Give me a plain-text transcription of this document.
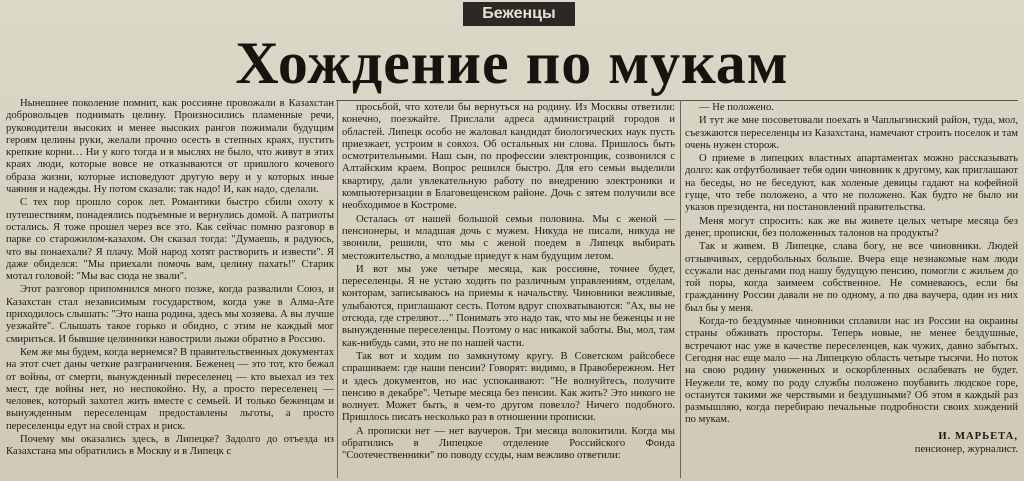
Беженцы
Хождение по мукам

Нынешнее поколение помнит, как россияне провожали в Казахстан добровольцев поднимать целину. Произносились пламенные речи, руководители высоких и менее высоких рангов пожимали будущим героям целины руки, желали прочно осесть в степных краях, пустить крепкие корни… Ни у кого тогда и в мыслях не было, что живут в этих краях люди, которые вовсе не отказываются от пришлого кочевого образа жизни, которые исповедуют другую веру и у которых иные чаяния и надежды. Ну потом сказали: так надо! И, как надо, сделали.

С тех пор прошло сорок лет. Романтики быстро сбили охоту к путешествиям, понадеялись подъемные и вернулись домой. А патриоты остались. Я тоже прошел через все это. Как сейчас помню разговор в парке со старожилом-казахом. Он сказал тогда: "Думаешь, я радуюсь, что вы понаехали? Я плачу. Мой народ хотят растворить и извести". Я даже обиделся: "Мы приехали помочь вам, целину пахать!" Старик мотал головой: "Мы вас сюда не звали".

Этот разговор припомнился много позже, когда развалили Союз, и Казахстан стал независимым государством, когда уже в Алма-Ате приходилось слышать: "Это наша родина, здесь мы хозяева. А вы лучше уезжайте". Слышать такое горько и обидно, с этим не каждый мог смириться. И бывшие целинники навострили лыжи обратно в Россию.

Кем же мы будем, когда вернемся? В правительственных документах на этот счет даны четкие разграничения. Беженец — это тот, кто бежал от войны, от смерти, вынужденный переселенец — кто выехал из тех мест, где войны нет, но неспокойно. Ну, а просто переселенец — человек, который захотел жить вместе с семьей. И только беженцам и вынужденным переселенцам предоставлены льготы, а просто переселенцы едут на свой страх и риск.

Почему мы оказались здесь, в Липецке? Задолго до отъезда из Казахстана мы обратились в Москву и в Липецк с

просьбой, что хотели бы вернуться на родину. Из Москвы ответили: конечно, поезжайте. Прислали адреса администраций городов и областей. Липецк особо не жаловал кандидат биологических наук пусть приезжает, устроим в совхоз. Об остальных ни слова. Пришлось быть осмотрительными. Наш сын, по профессии электронщик, созвонился с Алтайским краем. Вопрос решился быстро. Для его семьи выделили квартиру, дали увлекательную работу по внедрению электроники и компьютеризации в Благовещенском районе. Дочь с зятем получили все необходимое в Костроме.

Осталась от нашей большой семьи половина. Мы с женой — пенсионеры, и младшая дочь с мужем. Никуда не писали, никуда не звонили, решили, что мы с женой поедем в Липецк выбирать местожительство, а молодые приедут к нам будущим летом.

И вот мы уже четыре месяца, как россияне, точнее будет, переселенцы. Я не устаю ходить по различным управлениям, отделам, конторам, записываюсь на приемы к начальству. Чиновники вежливые, улыбаются, приглашают сесть. Потом вдруг спохватываются: "Ах, вы не отсюда, где стреляют…" Понимать это надо так, что мы не беженцы и не вынужденные переселенцы. Поэтому о нас никакой заботы. Вы, мол, там как-нибудь сами, это не по нашей части.

Так вот и ходим по замкнутому кругу. В Советском райсобесе спрашиваем: где наши пенсии? Говорят: видимо, в Правобережном. Нет и здесь документов, но нас успокаивают: "Не волнуйтесь, получите пенсию в декабре". Четыре месяца без пенсии. Как жить? Это никого не волнует. Может быть, в чем-то другом повезло? Ничего подобного. Пришлось писать несколько раз в отношении прописки.

А прописки нет — нет ваучеров. Три месяца волокитили. Когда мы обратились в Липецкое отделение Российского Фонда "Соотечественники" по поводу ссуды, нам вежливо ответили:

— Не положено.

И тут же мне посоветовали поехать в Чаплыгинский район, туда, мол, съезжаются переселенцы из Казахстана, намечают строить поселок и там очень нужен сторож.

О приеме в липецких властных апартаментах можно рассказывать долго: как отфутболивает тебя один чиновник к другому, как приглашают на беседы, но не беседуют, как холеные девицы гадают на кофейной гуще, что тебе положено, а что не положено. Как будто не было ни указов президента, ни постановлений правительства.

Меня могут спросить: как же вы живете целых четыре месяца без денег, прописки, без положенных талонов на продукты?

Так и живем. В Липецке, слава богу, не все чиновники. Людей отзывчивых, сердобольных больше. Вчера еще незнакомые нам люди ссужали нас деньгами под нашу будущую пенсию, помогли с жильем до той поры, когда заимеем собственное. Не сомневаюсь, если бы гражданину России давали не по одному, а по два ваучера, один из них был бы у меня.

Когда-то бездумные чиновники сплавили нас из России на окраины страны обживать просторы. Теперь новые, не менее бездушные, встречают нас уже в качестве переселенцев, как чужих, давно забытых. Сегодня нас еще мало — на Липецкую область четыре тысячи. Но поток на свою родину униженных и оскорбленных ослабевать не будет. Неужели те, кому по роду службы положено поубавить людское горе, останутся такими же черствыми и бездушными? Об этом я каждый раз размышляю, когда перебираю печальные подробности своих хождений по мукам.

И. МАРЬЕТА,

пенсионер, журналист.
